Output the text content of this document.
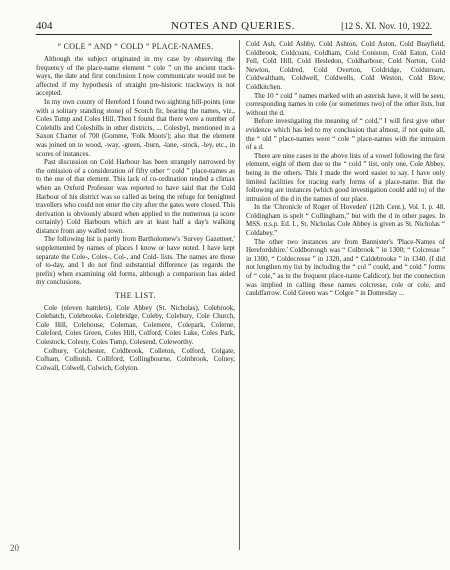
404	NOTES AND QUERIES.	[12 S. XI. Nov. 10, 1922.
“ COLE ” AND “ COLD ” PLACE-NAMES.

Although the subject originated in my case by observing the frequency of the place-name element “ cole ” on the ancient track-ways, the date and first conclusion I now communicate would not be affected if my hypothesis of straight pre-historic trackways is not accepted.

In my own county of Hereford I found two sighting hill-points (one with a solitary standing stone) of Scotch fir, bearing the names, viz., Coles Tump and Coles Hill. Then I found that there were a number of Colehills and Coleshills in other districts, ... Colesbyl, mentioned in a Saxon Charter of 700 (Gomme, 'Folk Moots'); also that the element was joined on to wood, -way, -green, -burn, -lane, -stock, -ley, etc., in scores of instances.

Past discussion on Cold Harbour has been strangely narrowed by the omission of a consideration of fifty other “ cold ” place-names as to the use of that element. This lack of co-ordination tended a climax when an Oxford Professor was reported to have said that the Cold Harbour of his district was so called as being the refuge for benighted travellers who could not enter the city after the gates were closed. This derivation is obviously absurd when applied to the numerous (a score certainly) Cold Harbours which are at least half a day's walking distance from any walled town.

The following list is partly from Bartholomew's 'Survey Gazetteer,' supplemented by names of places I know or have noted. I have kept separate the Cole-, Coles-, Col-, and Cold- lists. The names are those of to-day, and I do not find substantial difference (as regards the prefix) when examining old forms, although a comparison has aided my conclusions.

THE LIST.

Cole (eleven hamlets), Cole Abbey (St. Nicholas), Colebrook, Colebatch, Colebrooke, Colebridge, Coleby, Colebury, Cole Church, Cole Hill, Colehouse, Coleman, Colemere, Colepark, Colerne, Coleford, Coles Green, Coles Hill, Colford, Coles Lake, Coles Park, Colestock, Colesty, Coles Tump, Colesend, Coleworthy.

Colbury, Colchester, Coldbrook, Colleton, Colford, Colgate, Colham, Colhuish, Colliford, Collingbourne, Colnbrook, Colney, Colwall, Colwell, Colwich, Colyton.

Cold Ash, Cold Ashby, Cold Ashton, Cold Aston, Cold Brayfield, Coldbrook, Coldcoats, Coldham, Cold Coniston, Cold Eaton, Cold Fell, Cold Hill, Cold Hesledon, Coldharbour, Cold Norton, Cold Newton, Coldred, Cold Overton, Coldridge, Coldstream, Coldwaltham, Coldwell, Coldwells, Cold Weston, Cold Blow, Coldkitchen.

The 10 “ cold ” names marked with an asterisk have, it will be seen, corresponding names in cole (or sometimes two) of the other lists, but without the d.

Before investigating the meaning of “ cold,” I will first give other evidence which has led to my conclusion that almost, if not quite all, the “ old ” place-names were “ cole ” place-names with the intrusion of a d.

There are nine cases in the above lists of a vowel following the first element, eight of them due to the “ cold ” list, only one, Cole Abbey, being in the others. This I made the word easier to say. I have only limited facilities for tracing early forms of a place-name. But the following are instances (which good investigation could add to) of the intrusion of the d in the names of our place.

In the 'Chronicle of Roger of Hoveden' (12th Cent.), Vol. I. p. 48, Coldingham is spelt “ Collingham,” but with the d in other pages. In MSS. n.s.p. Ed. I., St. Nicholas Cole Abbey is given as St. Nicholas “ Coldabey.”

The other two instances are from Bannister's 'Place-Names of Herefordshire.' Coldborough was “ Colbrook ” in 1300; “ Colcresse ” in 1300, “ Coldecresse ” in 1320, and “ Caldebrooke ” in 1340. (I did not lengthen my list by including the “ col ” could, and “ cold ” forms of “ cole,” as in the frequent place-name Caldicot), but the connection was implied in calling these names colcresse, cole or cole, and cauldfarrow. Cold Green was “ Colgre ” in Domesday ...

20
